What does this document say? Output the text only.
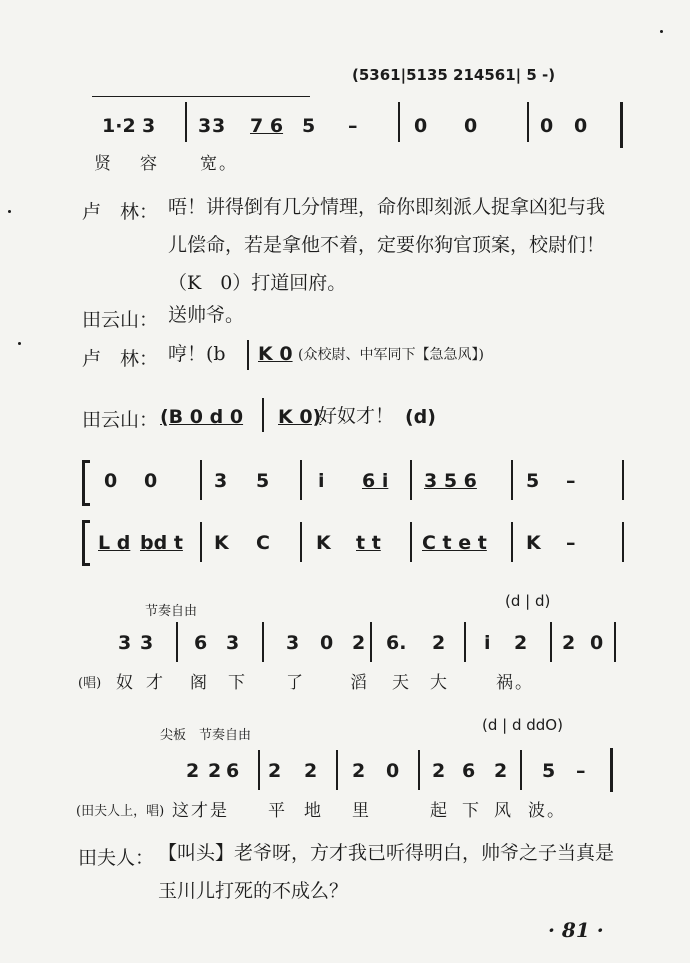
(5361|5135 214561| 5 -)
1·2 3 3 3 7 6 5 –	0 0	0 0
贤 容 宽。
卢　林： 唔！讲得倒有几分情理，命你即刻派人捉拿凶犯与我
儿偿命，若是拿他不着，定要你狗官顶案，校尉们！
（K　0）打道回府。
田云山： 送帅爷。
卢　林： 哼！(b K 0 (众校尉、中军同下【急急风】)
田云山： (B 0 d 0 K 0)
好奴才！ (d)
0 0	3 5	i 6 i 3 5 6	5 –
L d bd t K C K t t C t e t K –
节奏自由
(d | d)
3 3 6 3 3 0 2 6. 2 i 2 2 0
(唱) 奴 才 阁 下 了	滔 天 大	祸。
尖板　节奏自由
(d | d ddO)
2 2 6 2 2 2 0 2 6 2 5 –
(田夫人上，唱) 这才是 平 地 里	起 下 风 波。
田夫人： 【叫头】老爷呀，方才我已听得明白，帅爷之子当真是
玉川儿打死的不成么？
· 81 ·
